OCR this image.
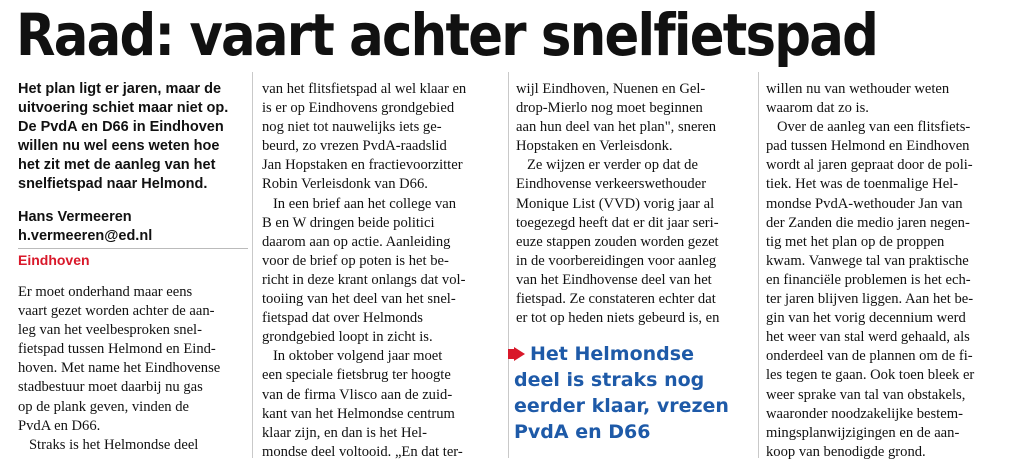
Raad: vaart achter snelfietspad
Het plan ligt er jaren, maar de
uitvoering schiet maar niet op.
De PvdA en D66 in Eindhoven
willen nu wel eens weten hoe
het zit met de aanleg van het
snelfietspad naar Helmond.
Hans Vermeeren
h.vermeeren@ed.nl
Eindhoven
Er moet onderhand maar eens
vaart gezet worden achter de aan-
leg van het veelbesproken snel-
fietspad tussen Helmond en Eind-
hoven. Met name het Eindhovense
stadbestuur moet daarbij nu gas
op de plank geven, vinden de
PvdA en D66.
Straks is het Helmondse deel
van het flitsfietspad al wel klaar en
is er op Eindhovens grondgebied
nog niet tot nauwelijks iets ge-
beurd, zo vrezen PvdA-raadslid
Jan Hopstaken en fractievoorzitter
Robin Verleisdonk van D66.
In een brief aan het college van
B en W dringen beide politici
daarom aan op actie. Aanleiding
voor de brief op poten is het be-
richt in deze krant onlangs dat vol-
tooiing van het deel van het snel-
fietspad dat over Helmonds
grondgebied loopt in zicht is.
In oktober volgend jaar moet
een speciale fietsbrug ter hoogte
van de firma Vlisco aan de zuid-
kant van het Helmondse centrum
klaar zijn, en dan is het Hel-
mondse deel voltooid. „En dat ter-
wijl Eindhoven, Nuenen en Gel-
drop-Mierlo nog moet beginnen
aan hun deel van het plan", sneren
Hopstaken en Verleisdonk.
Ze wijzen er verder op dat de
Eindhovense verkeerswethouder
Monique List (VVD) vorig jaar al
toegezegd heeft dat er dit jaar seri-
euze stappen zouden worden gezet
in de voorbereidingen voor aanleg
van het Eindhovense deel van het
fietspad. Ze constateren echter dat
er tot op heden niets gebeurd is, en
Het Helmondse
deel is straks nog
eerder klaar, vrezen
PvdA en D66
willen nu van wethouder weten
waarom dat zo is.
Over de aanleg van een flitsfiets-
pad tussen Helmond en Eindhoven
wordt al jaren gepraat door de poli-
tiek. Het was de toenmalige Hel-
mondse PvdA-wethouder Jan van
der Zanden die medio jaren negen-
tig met het plan op de proppen
kwam. Vanwege tal van praktische
en financiële problemen is het ech-
ter jaren blijven liggen. Aan het be-
gin van het vorig decennium werd
het weer van stal werd gehaald, als
onderdeel van de plannen om de fi-
les tegen te gaan. Ook toen bleek er
weer sprake van tal van obstakels,
waaronder noodzakelijke bestem-
mingsplanwijzigingen en de aan-
koop van benodigde grond.
